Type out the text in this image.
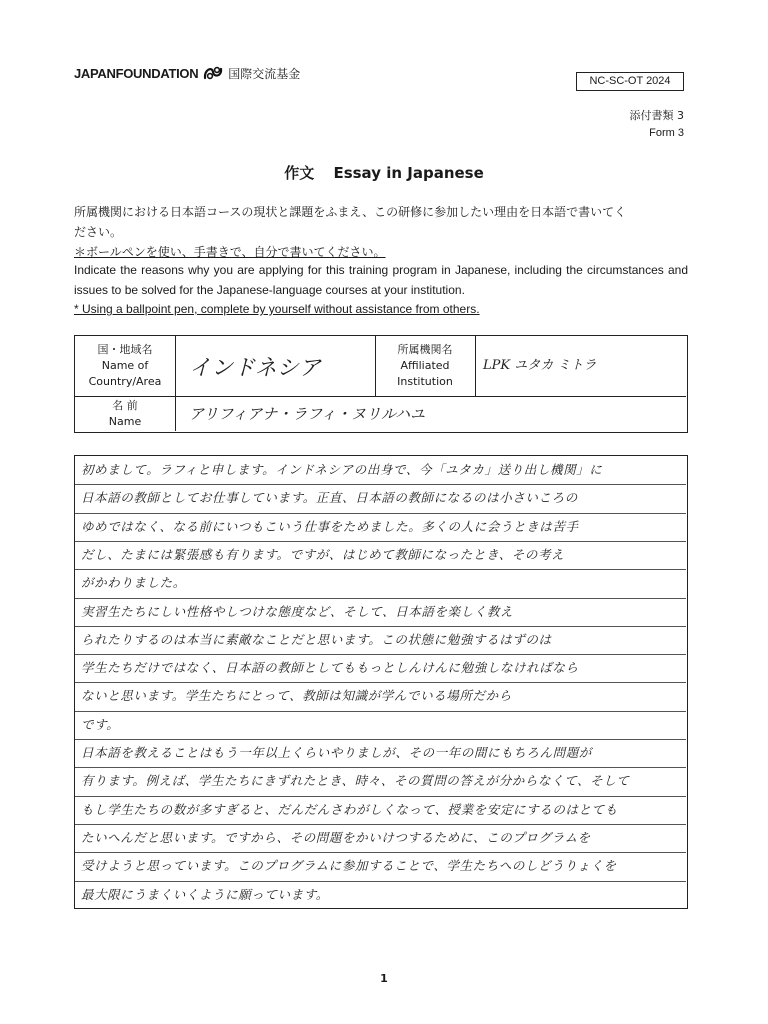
JAPANFOUNDATION	国際交流基金
NC-SC-OT 2024
添付書類 3
Form 3
作文 Essay in Japanese
所属機関における日本語コースの現状と課題をふまえ、この研修に参加したい理由を日本語で書いてく
ださい。
＊ボールペンを使い、手書きで、自分で書いてください。
Indicate the reasons why you are applying for this training program in Japanese, including the circumstances and issues to be solved for the Japanese-language courses at your institution.
* Using a ballpoint pen, complete by yourself without assistance from others.
国・地域名
Name of
Country/Area
インドネシア
所属機関名
Affiliated
Institution
LPK ユタカ ミトラ
名 前
Name	アリフィアナ・ラフィ・ヌリルハユ
初めまして。ラフィと申します。インドネシアの出身で、今「ユタカ」送り出し機関」に
日本語の教師としてお仕事しています。正直、日本語の教師になるのは小さいころの
ゆめではなく、なる前にいつもこいう仕事をためました。多くの人に会うときは苦手
だし、たまには緊張感も有ります。ですが、はじめて教師になったとき、その考え
がかわりました。
実習生たちにしい性格やしつけな態度など、そして、日本語を楽しく教え
られたりするのは本当に素敵なことだと思います。この状態に勉強するはずのは
学生たちだけではなく、日本語の教師としてももっとしんけんに勉強しなければなら
ないと思います。学生たちにとって、教師は知識が学んでいる場所だから
です。
日本語を教えることはもう一年以上くらいやりましが、その一年の間にもちろん問題が
有ります。例えば、学生たちにきずれたとき、時々、その質問の答えが分からなくて、そして
もし学生たちの数が多すぎると、だんだんさわがしくなって、授業を安定にするのはとても
たいへんだと思います。ですから、その問題をかいけつするために、このプログラムを
受けようと思っています。このプログラムに参加することで、学生たちへのしどうりょくを
最大限にうまくいくように願っています。
1
